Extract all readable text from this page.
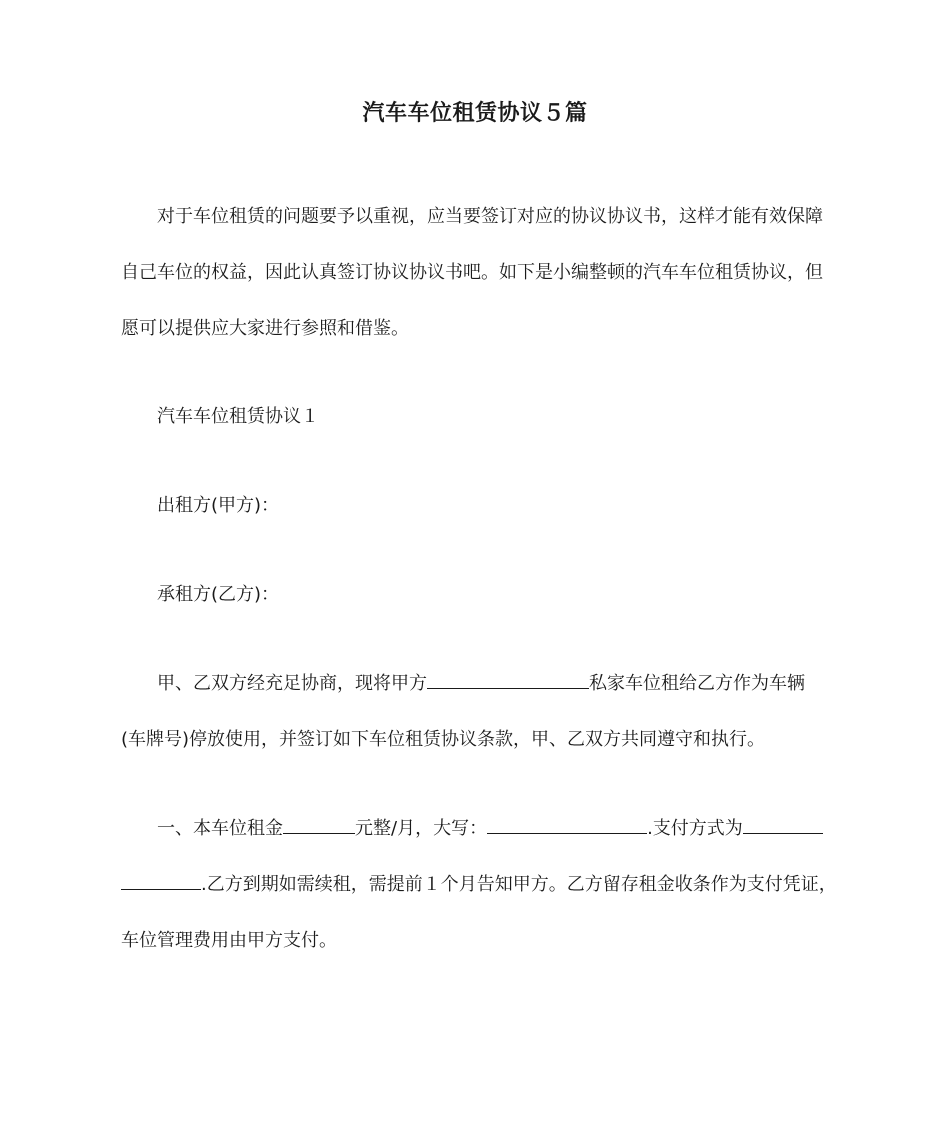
汽车车位租赁协议５篇
对于车位租赁的问题要予以重视，应当要签订对应的协议协议书，这样才能有效保障
自己车位的权益，因此认真签订协议协议书吧。如下是小编整顿的汽车车位租赁协议，但
愿可以提供应大家进行参照和借鉴。
汽车车位租赁协议１
出租方(甲方)：
承租方(乙方)：
甲、乙双方经充足协商，现将甲方	私家车位租给乙方作为车辆
(车牌号)停放使用，并签订如下车位租赁协议条款，甲、乙双方共同遵守和执行。
一、本车位租金	元整/月，大写：	.支付方式为
.乙方到期如需续租，需提前１个月告知甲方。乙方留存租金收条作为支付凭证，
车位管理费用由甲方支付。
